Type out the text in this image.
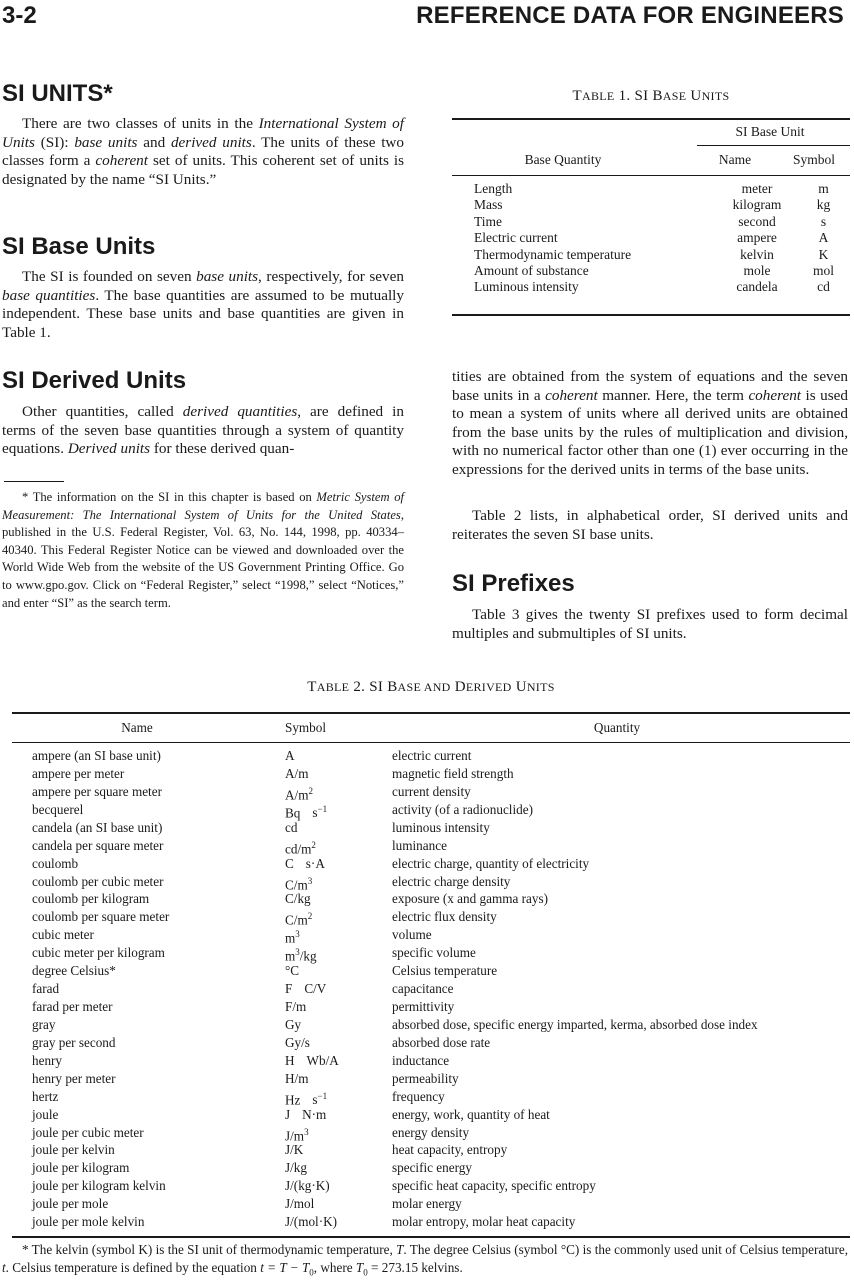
3-2	REFERENCE DATA FOR ENGINEERS
SI UNITS*

There are two classes of units in the International System of Units (SI): base units and derived units. The units of these two classes form a coherent set of units. This coherent set of units is designated by the name “SI Units.”

SI Base Units

The SI is founded on seven base units, respectively, for seven base quantities. The base quantities are assumed to be mutually independent. These base units and base quantities are given in Table 1.

SI Derived Units

Other quantities, called derived quantities, are defined in terms of the seven base quantities through a system of quantity equations. Derived units for these derived quan-

* The information on the SI in this chapter is based on Metric System of Measurement: The International System of Units for the United States, published in the U.S. Federal Register, Vol. 63, No. 144, 1998, pp. 40334–40340. This Federal Register Notice can be viewed and downloaded over the World Wide Web from the website of the US Government Printing Office. Go to www.gpo.gov. Click on “Federal Register,” select “1998,” select “Notices,” and enter “SI” as the search term.

TABLE 1. SI BASE UNITS
SI Base Unit
Base Quantity	Name	Symbol
Length	meter	m
Mass	kilogram	kg
Time	second	s
Electric current	ampere	A
Thermodynamic temperature	kelvin	K
Amount of substance	mole	mol
Luminous intensity	candela	cd

tities are obtained from the system of equations and the seven base units in a coherent manner. Here, the term coherent is used to mean a system of units where all derived units are obtained from the base units by the rules of multiplication and division, with no numerical factor other than one (1) ever occurring in the expressions for the derived units in terms of the base units.

Table 2 lists, in alphabetical order, SI derived units and reiterates the seven SI base units.

SI Prefixes

Table 3 gives the twenty SI prefixes used to form decimal multiples and submultiples of SI units.

TABLE 2. SI BASE AND DERIVED UNITS
Name	Symbol	Quantity
ampere (an SI base unit)	A	electric current
ampere per meter	A/m	magnetic field strength
ampere per square meter	$A/m^2$	current density
becquerel	Bq $s^{-1}$	activity (of a radionuclide)
candela (an SI base unit)	cd	luminous intensity
candela per square meter	$cd/m^2$	luminance
coulomb	C s·A	electric charge, quantity of electricity
coulomb per cubic meter	$C/m^3$	electric charge density
coulomb per kilogram	C/kg	exposure (x and gamma rays)
coulomb per square meter	$C/m^2$	electric flux density
cubic meter	$m^3$	volume
cubic meter per kilogram	$m^3/kg$	specific volume
degree Celsius*	°C	Celsius temperature
farad	F C/V	capacitance
farad per meter	F/m	permittivity
gray	Gy	absorbed dose, specific energy imparted, kerma, absorbed dose index
gray per second	Gy/s	absorbed dose rate
henry	H Wb/A	inductance
henry per meter	H/m	permeability
hertz	Hz $s^{-1}$	frequency
joule	J N·m	energy, work, quantity of heat
joule per cubic meter	$J/m^3$	energy density
joule per kelvin	J/K	heat capacity, entropy
joule per kilogram	J/kg	specific energy
joule per kilogram kelvin	J/(kg·K)	specific heat capacity, specific entropy
joule per mole	J/mol	molar energy
joule per mole kelvin	J/(mol·K)	molar entropy, molar heat capacity

* The kelvin (symbol K) is the SI unit of thermodynamic temperature, T. The degree Celsius (symbol °C) is the commonly used unit of Celsius temperature, t. Celsius temperature is defined by the equation $t = T - T_0$, where $T_0 = 273.15$ kelvins.
